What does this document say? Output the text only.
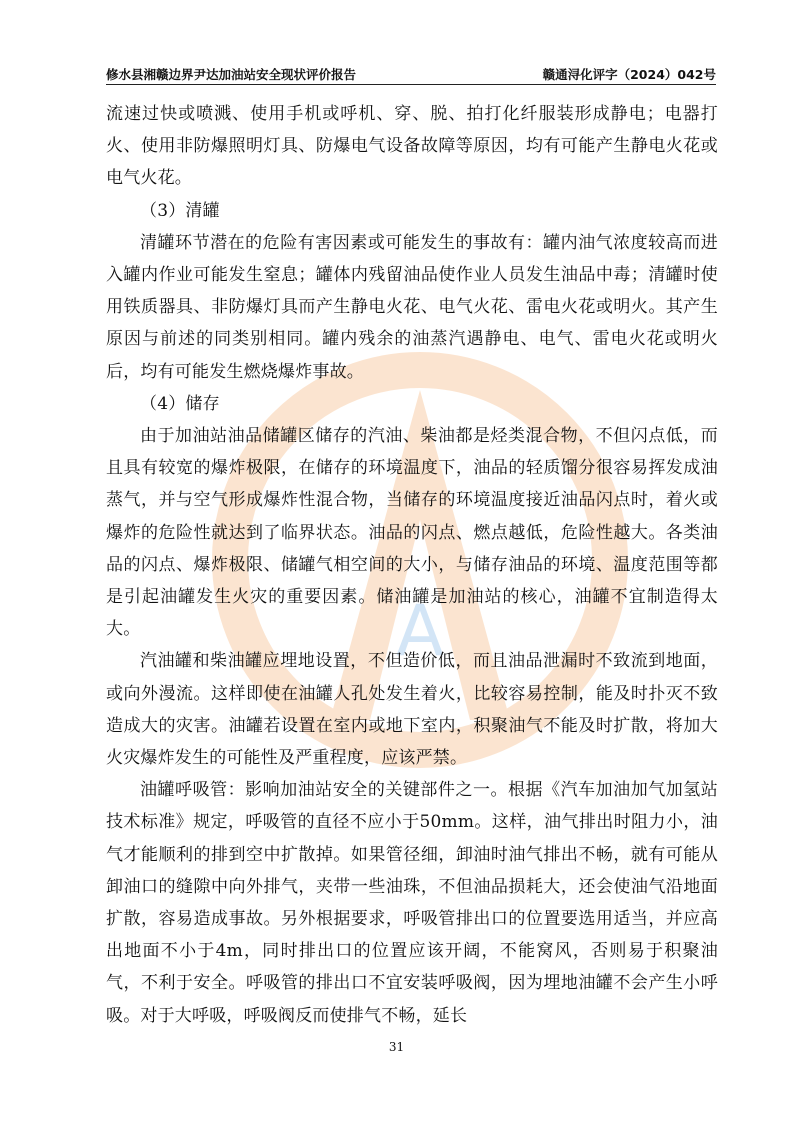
A
修水县湘赣边界尹达加油站安全现状评价报告	赣通浔化评字（2024）042号

流速过快或喷溅、使用手机或呼机、穿、脱、拍打化纤服装形成静电；电器打火、使用非防爆照明灯具、防爆电气设备故障等原因，均有可能产生静电火花或电气火花。

（3）清罐

清罐环节潜在的危险有害因素或可能发生的事故有：罐内油气浓度较高而进入罐内作业可能发生窒息；罐体内残留油品使作业人员发生油品中毒；清罐时使用铁质器具、非防爆灯具而产生静电火花、电气火花、雷电火花或明火。其产生原因与前述的同类别相同。罐内残余的油蒸汽遇静电、电气、雷电火花或明火后，均有可能发生燃烧爆炸事故。

（4）储存

由于加油站油品储罐区储存的汽油、柴油都是烃类混合物，不但闪点低，而且具有较宽的爆炸极限，在储存的环境温度下，油品的轻质馏分很容易挥发成油蒸气，并与空气形成爆炸性混合物，当储存的环境温度接近油品闪点时，着火或爆炸的危险性就达到了临界状态。油品的闪点、燃点越低，危险性越大。各类油品的闪点、爆炸极限、储罐气相空间的大小，与储存油品的环境、温度范围等都是引起油罐发生火灾的重要因素。储油罐是加油站的核心，油罐不宜制造得太大。

汽油罐和柴油罐应埋地设置，不但造价低，而且油品泄漏时不致流到地面，或向外漫流。这样即使在油罐人孔处发生着火，比较容易控制，能及时扑灭不致造成大的灾害。油罐若设置在室内或地下室内，积聚油气不能及时扩散，将加大火灾爆炸发生的可能性及严重程度，应该严禁。

油罐呼吸管：影响加油站安全的关键部件之一。根据《汽车加油加气加氢站技术标准》规定，呼吸管的直径不应小于50mm。这样，油气排出时阻力小，油气才能顺利的排到空中扩散掉。如果管径细，卸油时油气排出不畅，就有可能从卸油口的缝隙中向外排气，夹带一些油珠，不但油品损耗大，还会使油气沿地面扩散，容易造成事故。另外根据要求，呼吸管排出口的位置要选用适当，并应高出地面不小于4m，同时排出口的位置应该开阔，不能窝风，否则易于积聚油气，不利于安全。呼吸管的排出口不宜安装呼吸阀，因为埋地油罐不会产生小呼吸。对于大呼吸，呼吸阀反而使排气不畅，延长

31
